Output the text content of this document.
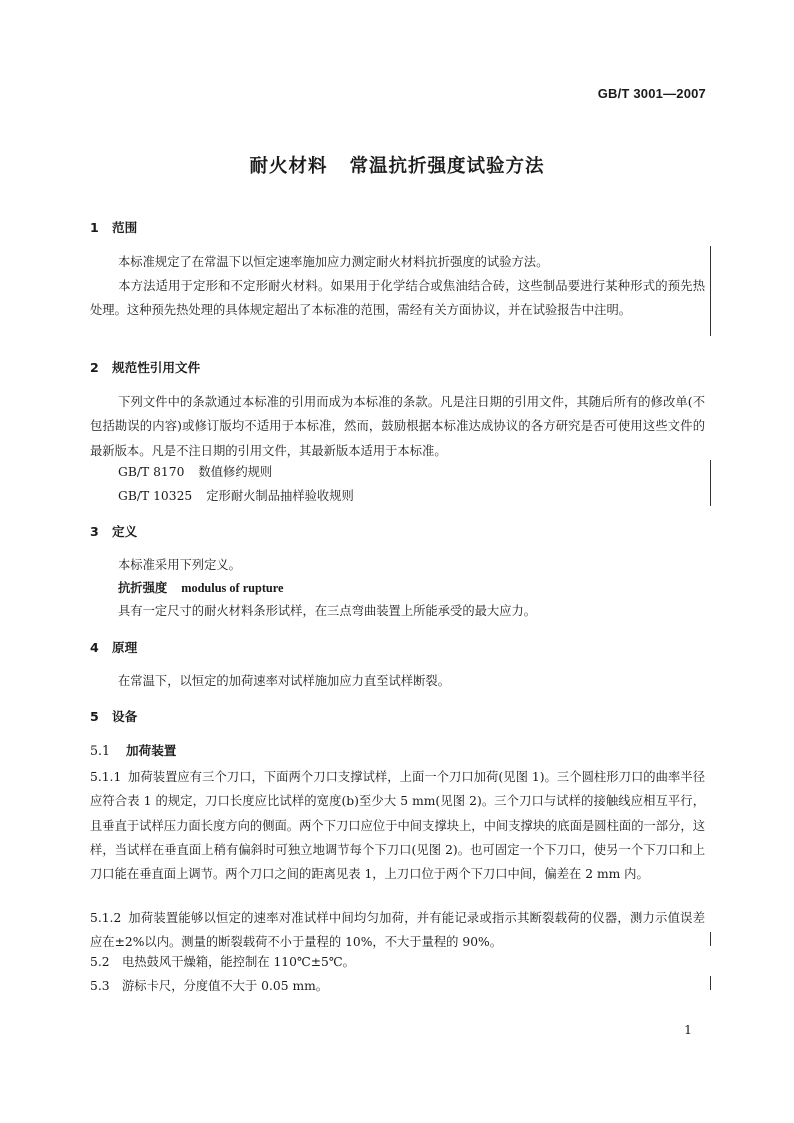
GB/T 3001—2007
耐火材料 常温抗折强度试验方法
1 范围
本标准规定了在常温下以恒定速率施加应力测定耐火材料抗折强度的试验方法。
本方法适用于定形和不定形耐火材料。如果用于化学结合或焦油结合砖，这些制品要进行某种形式的预先热处理。这种预先热处理的具体规定超出了本标准的范围，需经有关方面协议，并在试验报告中注明。
2 规范性引用文件
下列文件中的条款通过本标准的引用而成为本标准的条款。凡是注日期的引用文件，其随后所有的修改单(不包括勘误的内容)或修订版均不适用于本标准，然而，鼓励根据本标准达成协议的各方研究是否可使用这些文件的最新版本。凡是不注日期的引用文件，其最新版本适用于本标准。
GB/T 8170 数值修约规则
GB/T 10325 定形耐火制品抽样验收规则
3 定义
本标准采用下列定义。
抗折强度 modulus of rupture
具有一定尺寸的耐火材料条形试样，在三点弯曲装置上所能承受的最大应力。
4 原理
在常温下，以恒定的加荷速率对试样施加应力直至试样断裂。
5 设备
5.1 加荷装置
5.1.1 加荷装置应有三个刀口，下面两个刀口支撑试样，上面一个刀口加荷(见图 1)。三个圆柱形刀口的曲率半径应符合表 1 的规定，刀口长度应比试样的宽度(b)至少大 5 mm(见图 2)。三个刀口与试样的接触线应相互平行，且垂直于试样压力面长度方向的侧面。两个下刀口应位于中间支撑块上，中间支撑块的底面是圆柱面的一部分，这样，当试样在垂直面上稍有偏斜时可独立地调节每个下刀口(见图 2)。也可固定一个下刀口，使另一个下刀口和上刀口能在垂直面上调节。两个刀口之间的距离见表 1，上刀口位于两个下刀口中间，偏差在 2 mm 内。
5.1.2 加荷装置能够以恒定的速率对准试样中间均匀加荷，并有能记录或指示其断裂载荷的仪器，测力示值误差应在±2%以内。测量的断裂载荷不小于量程的 10%，不大于量程的 90%。
5.2 电热鼓风干燥箱，能控制在 110℃±5℃。
5.3 游标卡尺，分度值不大于 0.05 mm。
1
